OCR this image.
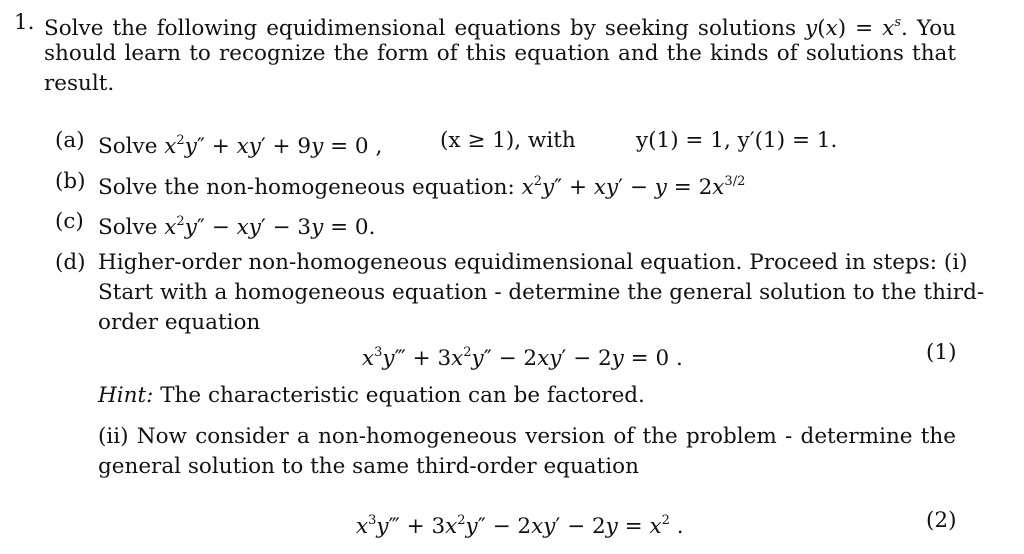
1. Solve the following equidimensional equations by seeking solutions $y(x) = x^s$. You
should learn to recognize the form of this equation and the kinds of solutions that
result.
(a) Solve $x^2y'' + xy' + 9y = 0$ ,	(x ≥ 1), with	y(1) = 1, y′(1) = 1.
(b) Solve the non-homogeneous equation: $x^2y'' + xy' - y = 2x^{3/2}$
(c) Solve $x^2y'' - xy' - 3y = 0$.
(d) Higher-order non-homogeneous equidimensional equation. Proceed in steps: (i)
Start with a homogeneous equation - determine the general solution to the third-
order equation
$x^3y‴ + 3x^2y'' - 2xy' - 2y = 0$ .	(1)
Hint: The characteristic equation can be factored.
(ii) Now consider a non-homogeneous version of the problem - determine the
general solution to the same third-order equation
$x^3y‴ + 3x^2y'' - 2xy' - 2y = x^2$ .	(2)
